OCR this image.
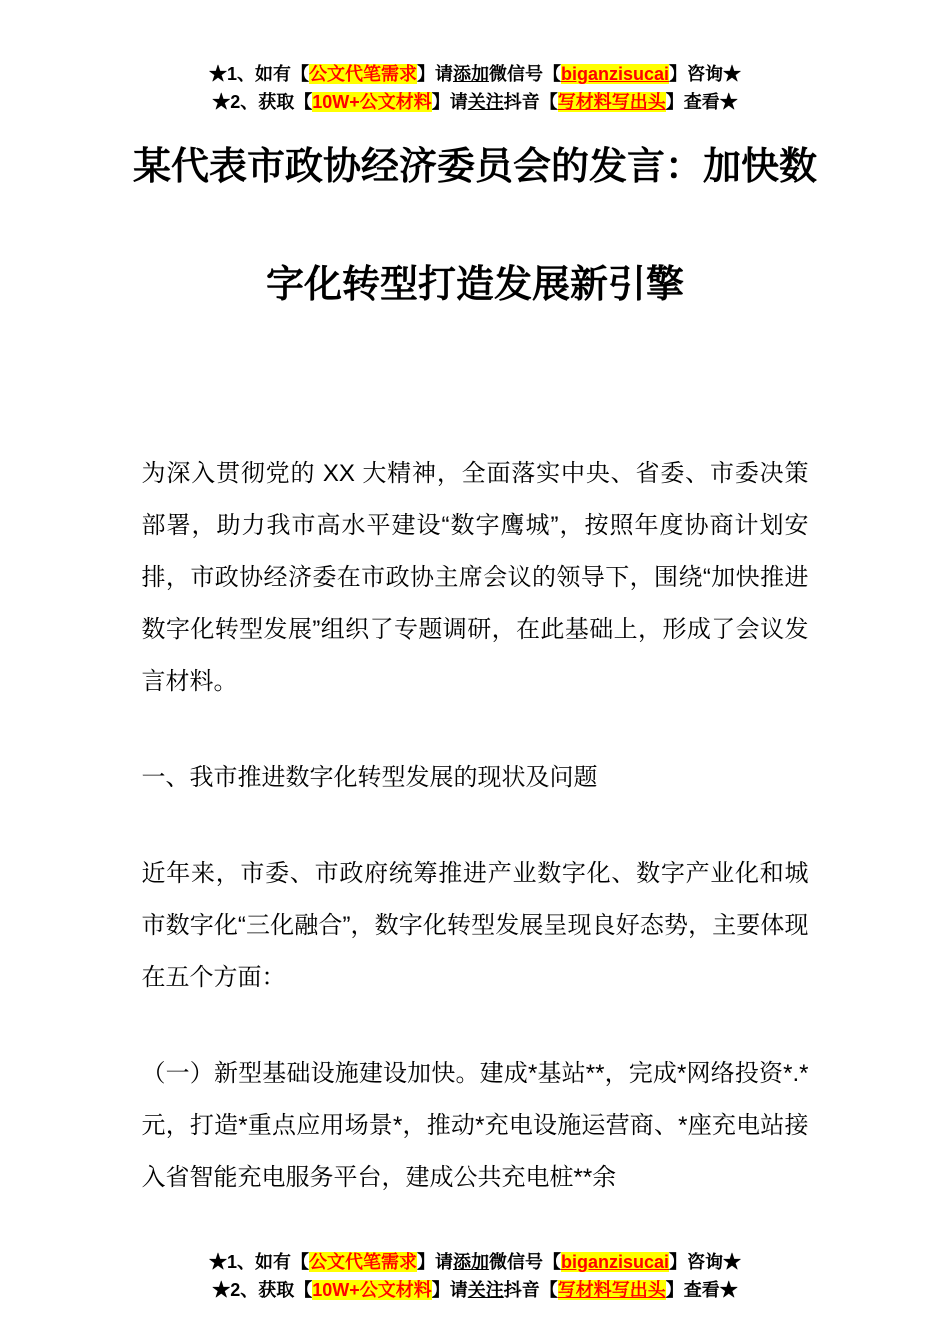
★1、如有【公文代笔需求】请添加微信号【biganzisucai】咨询★
★2、获取【10W+公文材料】请关注抖音【写材料写出头】查看★
某代表市政协经济委员会的发言：加快数
字化转型打造发展新引擎

为深入贯彻党的 XX 大精神，全面落实中央、省委、市委决策部署，助力我市高水平建设“数字鹰城”，按照年度协商计划安排，市政协经济委在市政协主席会议的领导下，围绕“加快推进数字化转型发展”组织了专题调研，在此基础上，形成了会议发言材料。

一、我市推进数字化转型发展的现状及问题

近年来，市委、市政府统筹推进产业数字化、数字产业化和城市数字化“三化融合”，数字化转型发展呈现良好态势，主要体现在五个方面：

（一）新型基础设施建设加快。建成*基站**，完成*网络投资*.*元，打造*重点应用场景*，推动*充电设施运营商、*座充电站接入省智能充电服务平台，建成公共充电桩**余

★1、如有【公文代笔需求】请添加微信号【biganzisucai】咨询★
★2、获取【10W+公文材料】请关注抖音【写材料写出头】查看★
